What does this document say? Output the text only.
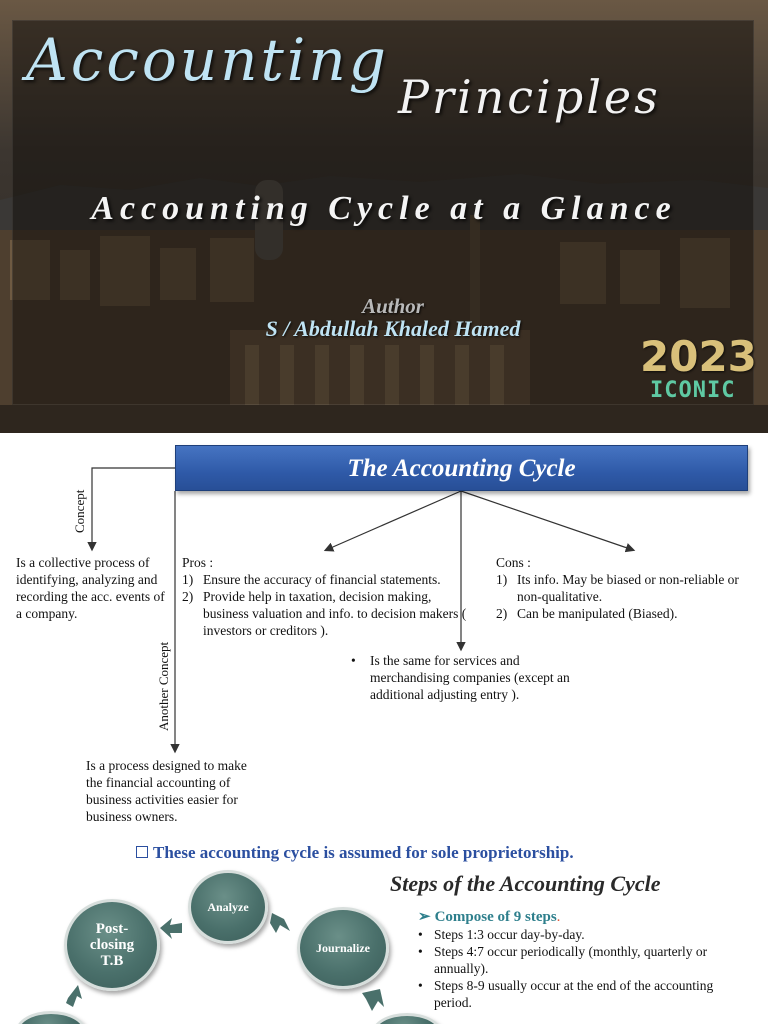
Accounting
Principles
Accounting Cycle at a Glance
Author
S / Abdullah Khaled Hamed
2023
ICONIC
The Accounting Cycle
Concept
Is a collective process of identifying, analyzing and recording the acc. events of a company.
Pros :
1) Ensure the accuracy of financial statements.
2) Provide help in taxation, decision making, business valuation and info. to decision makers ( investors or creditors ).
Cons :
1) Its info. May be biased or non-reliable or non-qualitative.
2) Can be manipulated (Biased).
• Is the same for services and merchandising companies (except an additional adjusting entry ).
Another Concept
Is a process designed to make the financial accounting of business activities easier for business owners.
These accounting cycle is assumed for sole proprietorship.
Steps of the Accounting Cycle
➢ Compose of 9 steps.
• Steps 1:3 occur day-by-day.
• Steps 4:7 occur periodically (monthly, quarterly or annually).
• Steps 8-9 usually occur at the end of the accounting period.
Analyze
Journalize
Post-
closing
T.B
